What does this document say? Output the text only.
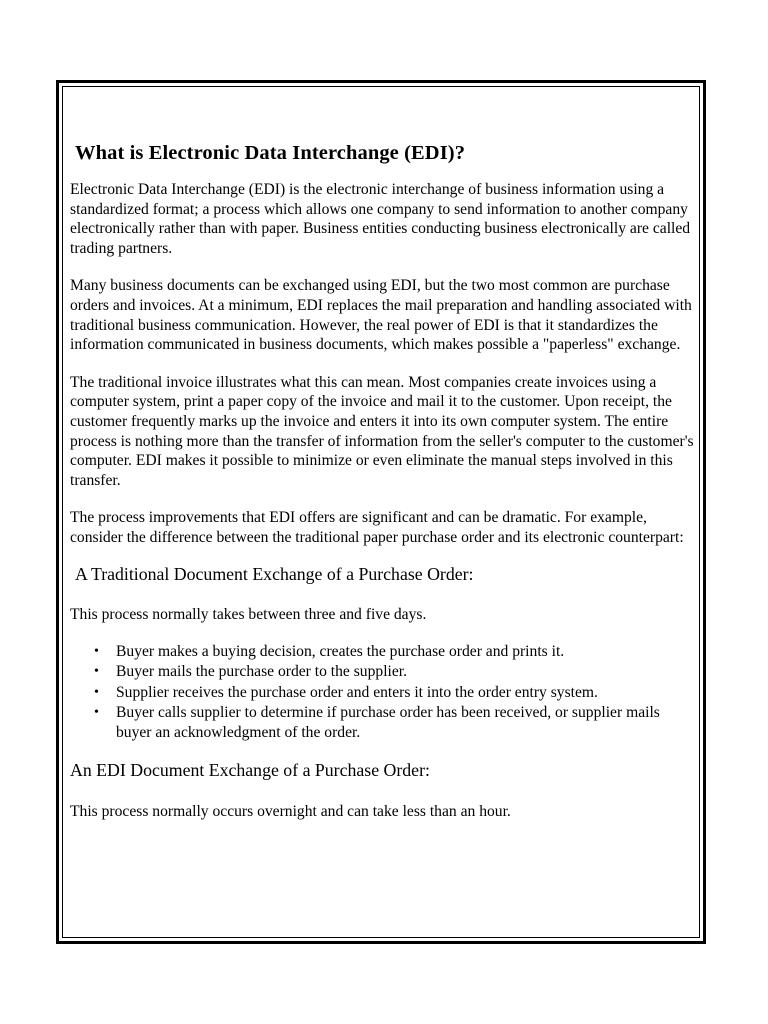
What is Electronic Data Interchange (EDI)?

Electronic Data Interchange (EDI) is the electronic interchange of business information using a standardized format; a process which allows one company to send information to another company electronically rather than with paper. Business entities conducting business electronically are called trading partners.

Many business documents can be exchanged using EDI, but the two most common are purchase orders and invoices. At a minimum, EDI replaces the mail preparation and handling associated with traditional business communication. However, the real power of EDI is that it standardizes the information communicated in business documents, which makes possible a "paperless" exchange.

The traditional invoice illustrates what this can mean. Most companies create invoices using a computer system, print a paper copy of the invoice and mail it to the customer. Upon receipt, the customer frequently marks up the invoice and enters it into its own computer system. The entire process is nothing more than the transfer of information from the seller's computer to the customer's computer. EDI makes it possible to minimize or even eliminate the manual steps involved in this transfer.

The process improvements that EDI offers are significant and can be dramatic. For example, consider the difference between the traditional paper purchase order and its electronic counterpart:

A Traditional Document Exchange of a Purchase Order:

This process normally takes between three and five days.

• Buyer makes a buying decision, creates the purchase order and prints it.
• Buyer mails the purchase order to the supplier.
• Supplier receives the purchase order and enters it into the order entry system.
• Buyer calls supplier to determine if purchase order has been received, or supplier mails buyer an acknowledgment of the order.
An EDI Document Exchange of a Purchase Order:

This process normally occurs overnight and can take less than an hour.
